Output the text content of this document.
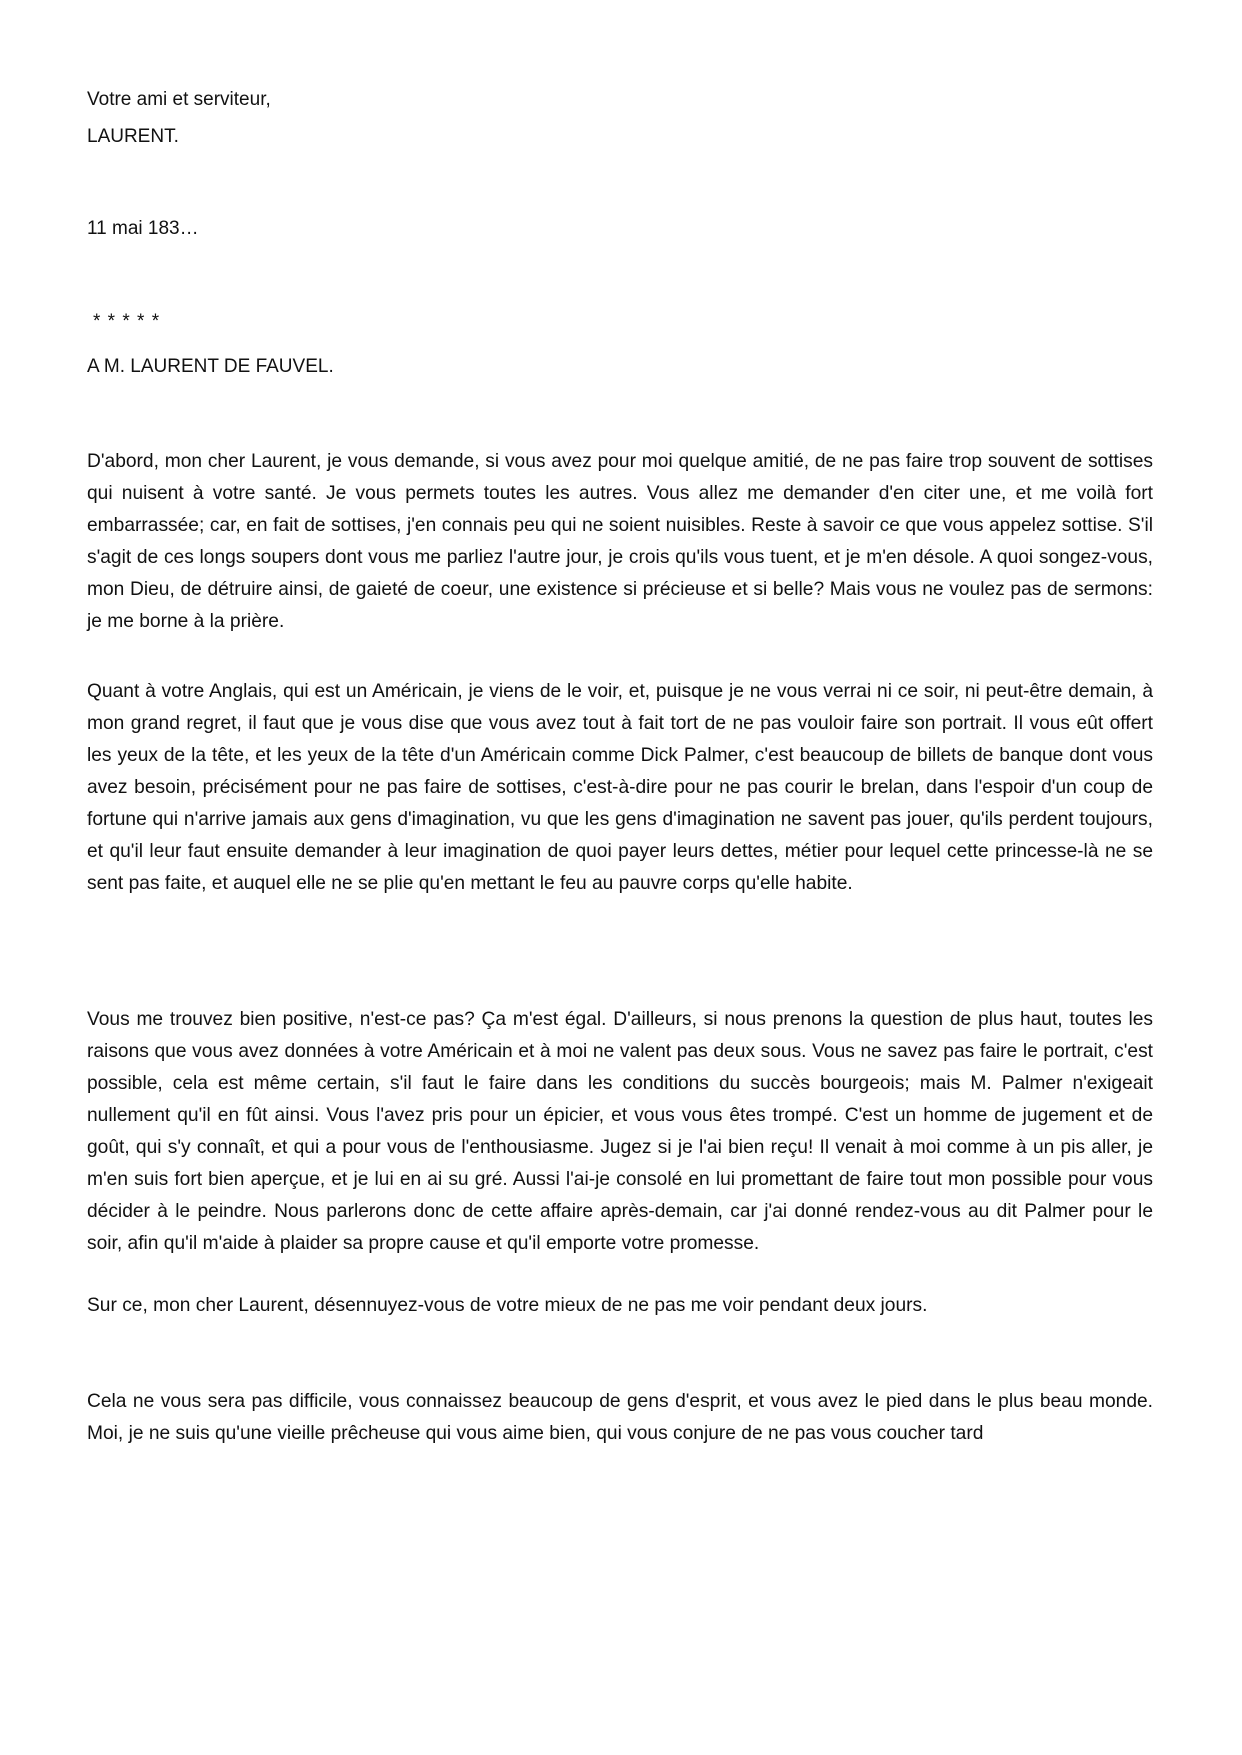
Votre ami et serviteur,

LAURENT.

11 mai 183…

* * * * *

A M. LAURENT DE FAUVEL.

D'abord, mon cher Laurent, je vous demande, si vous avez pour moi quelque amitié, de ne pas faire trop souvent de sottises qui nuisent à votre santé. Je vous permets toutes les autres. Vous allez me demander d'en citer une, et me voilà fort embarrassée; car, en fait de sottises, j'en connais peu qui ne soient nuisibles. Reste à savoir ce que vous appelez sottise. S'il s'agit de ces longs soupers dont vous me parliez l'autre jour, je crois qu'ils vous tuent, et je m'en désole. A quoi songez-vous, mon Dieu, de détruire ainsi, de gaieté de coeur, une existence si précieuse et si belle? Mais vous ne voulez pas de sermons: je me borne à la prière.

Quant à votre Anglais, qui est un Américain, je viens de le voir, et, puisque je ne vous verrai ni ce soir, ni peut-être demain, à mon grand regret, il faut que je vous dise que vous avez tout à fait tort de ne pas vouloir faire son portrait. Il vous eût offert les yeux de la tête, et les yeux de la tête d'un Américain comme Dick Palmer, c'est beaucoup de billets de banque dont vous avez besoin, précisément pour ne pas faire de sottises, c'est-à-dire pour ne pas courir le brelan, dans l'espoir d'un coup de fortune qui n'arrive jamais aux gens d'imagination, vu que les gens d'imagination ne savent pas jouer, qu'ils perdent toujours, et qu'il leur faut ensuite demander à leur imagination de quoi payer leurs dettes, métier pour lequel cette princesse-là ne se sent pas faite, et auquel elle ne se plie qu'en mettant le feu au pauvre corps qu'elle habite.

Vous me trouvez bien positive, n'est-ce pas? Ça m'est égal. D'ailleurs, si nous prenons la question de plus haut, toutes les raisons que vous avez données à votre Américain et à moi ne valent pas deux sous. Vous ne savez pas faire le portrait, c'est possible, cela est même certain, s'il faut le faire dans les conditions du succès bourgeois; mais M. Palmer n'exigeait nullement qu'il en fût ainsi. Vous l'avez pris pour un épicier, et vous vous êtes trompé. C'est un homme de jugement et de goût, qui s'y connaît, et qui a pour vous de l'enthousiasme. Jugez si je l'ai bien reçu! Il venait à moi comme à un pis aller, je m'en suis fort bien aperçue, et je lui en ai su gré. Aussi l'ai-je consolé en lui promettant de faire tout mon possible pour vous décider à le peindre. Nous parlerons donc de cette affaire après-demain, car j'ai donné rendez-vous au dit Palmer pour le soir, afin qu'il m'aide à plaider sa propre cause et qu'il emporte votre promesse.

Sur ce, mon cher Laurent, désennuyez-vous de votre mieux de ne pas me voir pendant deux jours.

Cela ne vous sera pas difficile, vous connaissez beaucoup de gens d'esprit, et vous avez le pied dans le plus beau monde. Moi, je ne suis qu'une vieille prêcheuse qui vous aime bien, qui vous conjure de ne pas vous coucher tard
